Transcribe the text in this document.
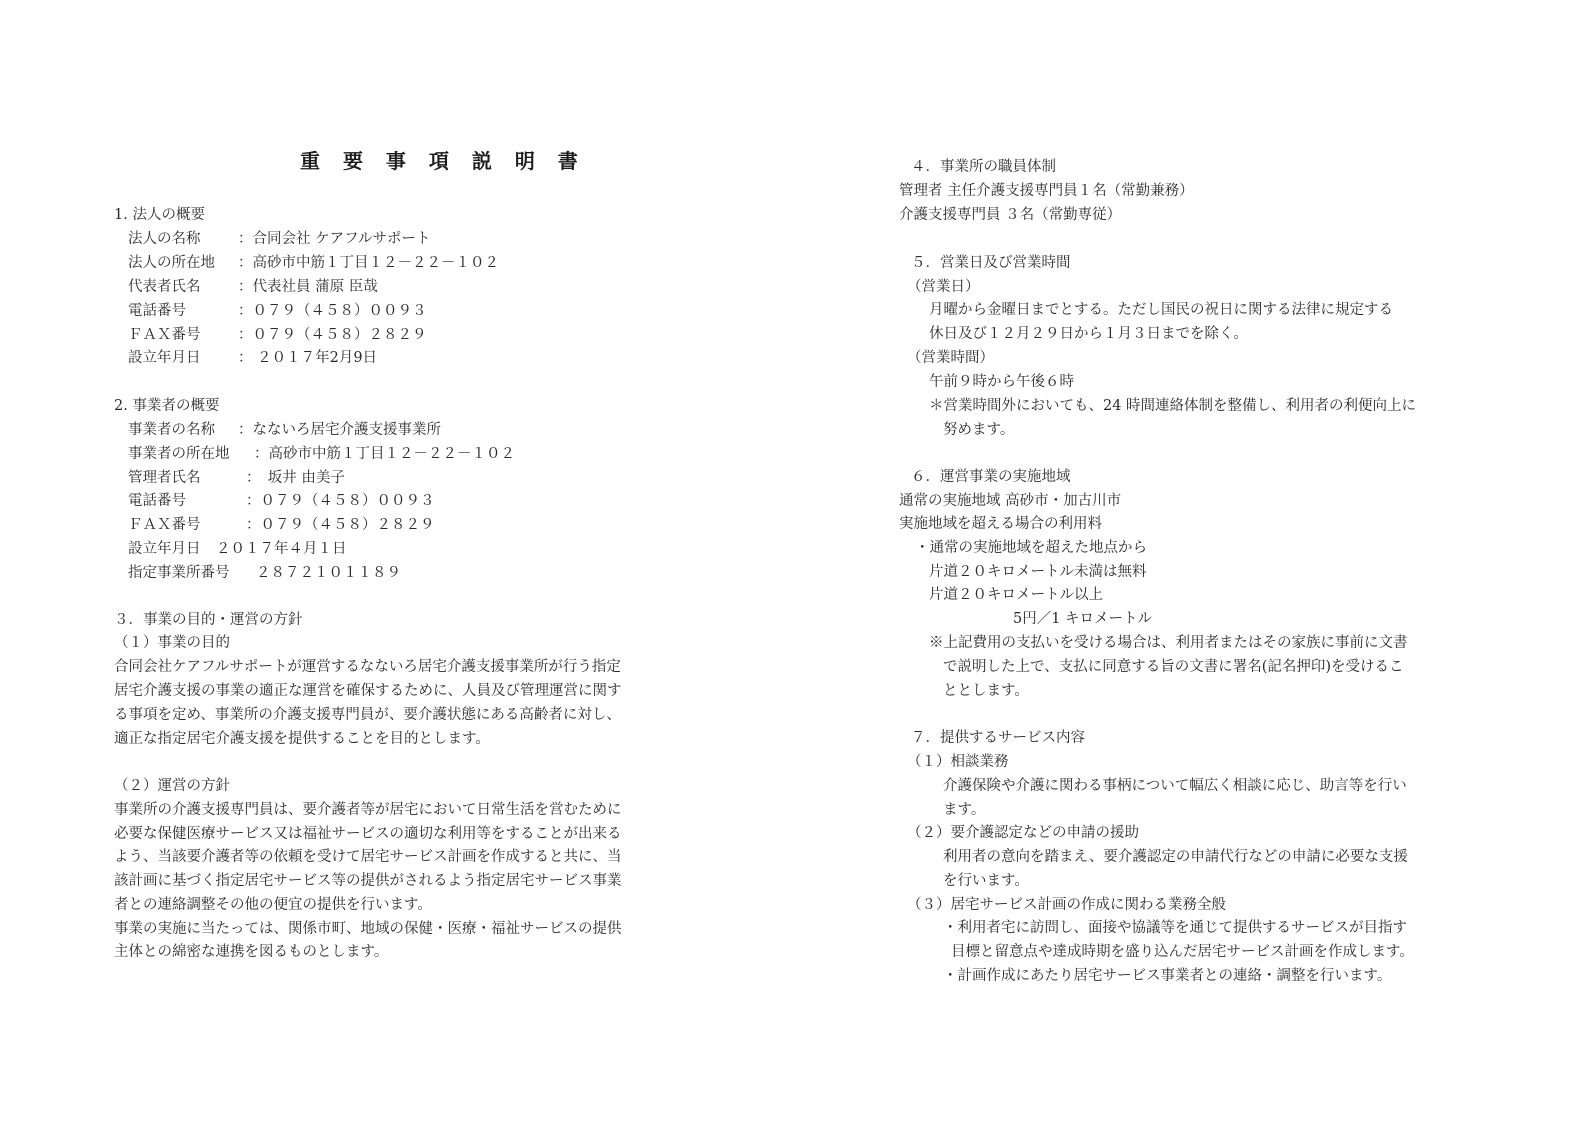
重 要 事 項 説 明 書
1. 法人の概要
法人の名称	：合同会社 ケアフルサポート
法人の所在地 ：高砂市中筋１丁目１２－２２－１０２
代表者氏名	：代表社員 蒲原 臣哉
電話番号	：０７９（４５８）００９３
ＦＡＸ番号	：０７９（４５８）２８２９
設立年月日	： ２０１７年2月9日
2. 事業者の概要
事業者の名称 ：なないろ居宅介護支援事業所
事業者の所在地 ：高砂市中筋１丁目１２－２２－１０２
管理者氏名	：　坂井 由美子
電話番号	：０７９（４５８）００９３
ＦＡＸ番号	：０７９（４５８）２８２９
設立年月日 ２０１７年４月１日
指定事業所番号 ２８７２１０１１８９
３．事業の目的・運営の方針
（１）事業の目的
合同会社ケアフルサポートが運営するなないろ居宅介護支援事業所が行う指定
居宅介護支援の事業の適正な運営を確保するために、人員及び管理運営に関す
る事項を定め、事業所の介護支援専門員が、要介護状態にある高齢者に対し、
適正な指定居宅介護支援を提供することを目的とします。
（２）運営の方針
事業所の介護支援専門員は、要介護者等が居宅において日常生活を営むために
必要な保健医療サービス又は福祉サービスの適切な利用等をすることが出来る
よう、当該要介護者等の依頼を受けて居宅サービス計画を作成すると共に、当
該計画に基づく指定居宅サービス等の提供がされるよう指定居宅サービス事業
者との連絡調整その他の便宜の提供を行います。
事業の実施に当たっては、関係市町、地域の保健・医療・福祉サービスの提供
主体との綿密な連携を図るものとします。
４．事業所の職員体制
管理者 主任介護支援専門員１名（常勤兼務）
介護支援専門員 ３名（常勤専従）
５．営業日及び営業時間
（営業日）
月曜から金曜日までとする。ただし国民の祝日に関する法律に規定する
休日及び１２月２９日から１月３日までを除く。
（営業時間）
午前９時から午後６時
＊営業時間外においても、24 時間連絡体制を整備し、利用者の利便向上に
努めます。
６．運営事業の実施地域
通常の実施地域 高砂市・加古川市
実施地域を超える場合の利用料
・通常の実施地域を超えた地点から
片道２０キロメートル未満は無料
片道２０キロメートル以上
5円／1 キロメートル
※上記費用の支払いを受ける場合は、利用者またはその家族に事前に文書
で説明した上で、支払に同意する旨の文書に署名(記名押印)を受けるこ
ととします。
７．提供するサービス内容
（１）相談業務
介護保険や介護に関わる事柄について幅広く相談に応じ、助言等を行い
ます。
（２）要介護認定などの申請の援助
利用者の意向を踏まえ、要介護認定の申請代行などの申請に必要な支援
を行います。
（３）居宅サービス計画の作成に関わる業務全般
・利用者宅に訪問し、面接や協議等を通じて提供するサービスが目指す
目標と留意点や達成時期を盛り込んだ居宅サービス計画を作成します。
・計画作成にあたり居宅サービス事業者との連絡・調整を行います。
